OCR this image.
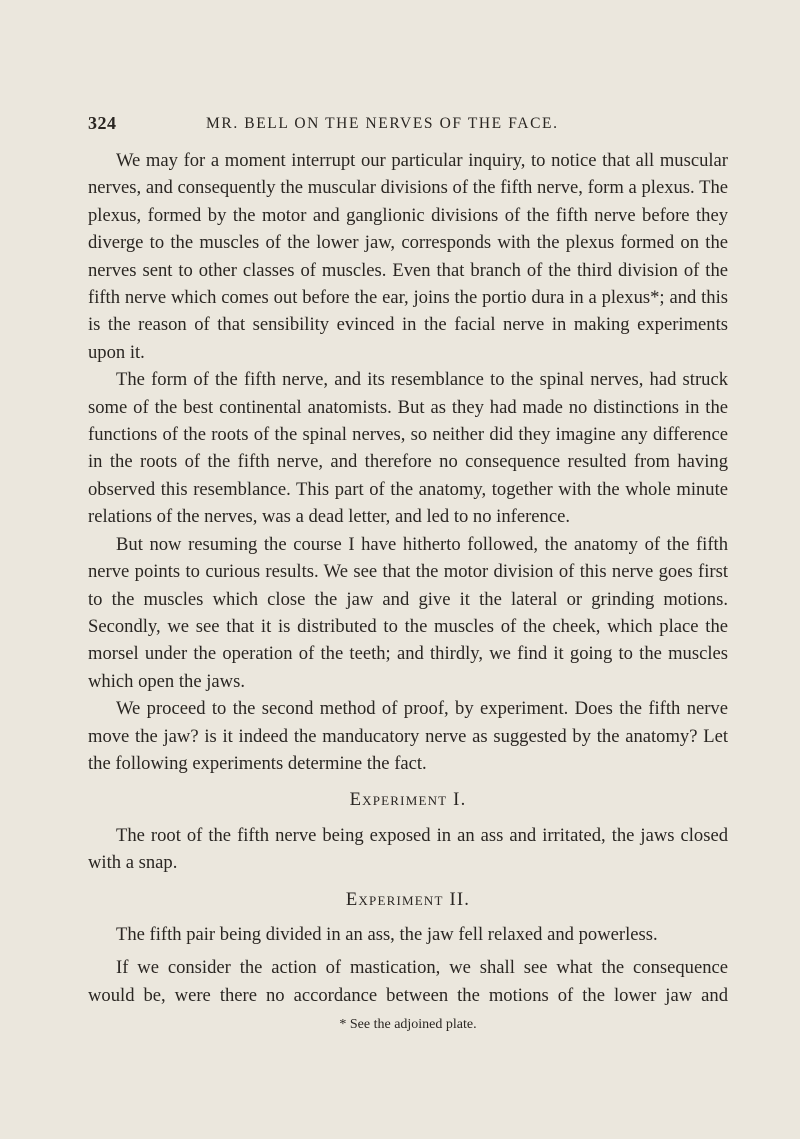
324	MR. BELL ON THE NERVES OF THE FACE.

We may for a moment interrupt our particular inquiry, to notice that all muscular nerves, and consequently the muscular divisions of the fifth nerve, form a plexus. The plexus, formed by the motor and ganglionic divisions of the fifth nerve before they diverge to the muscles of the lower jaw, corresponds with the plexus formed on the nerves sent to other classes of muscles. Even that branch of the third division of the fifth nerve which comes out before the ear, joins the portio dura in a plexus*; and this is the reason of that sensibility evinced in the facial nerve in making experiments upon it.

The form of the fifth nerve, and its resemblance to the spinal nerves, had struck some of the best continental anatomists. But as they had made no distinctions in the functions of the roots of the spinal nerves, so neither did they imagine any difference in the roots of the fifth nerve, and therefore no consequence resulted from having observed this resemblance. This part of the anatomy, together with the whole minute relations of the nerves, was a dead letter, and led to no inference.

But now resuming the course I have hitherto followed, the anatomy of the fifth nerve points to curious results. We see that the motor division of this nerve goes first to the muscles which close the jaw and give it the lateral or grinding motions. Secondly, we see that it is distributed to the muscles of the cheek, which place the morsel under the operation of the teeth; and thirdly, we find it going to the muscles which open the jaws.

We proceed to the second method of proof, by experiment. Does the fifth nerve move the jaw? is it indeed the manducatory nerve as suggested by the anatomy? Let the following experiments determine the fact.

Experiment I.

The root of the fifth nerve being exposed in an ass and irritated, the jaws closed with a snap.

Experiment II.

The fifth pair being divided in an ass, the jaw fell relaxed and powerless.

If we consider the action of mastication, we shall see what the consequence would be, were there no accordance between the motions of the lower jaw and

* See the adjoined plate.
